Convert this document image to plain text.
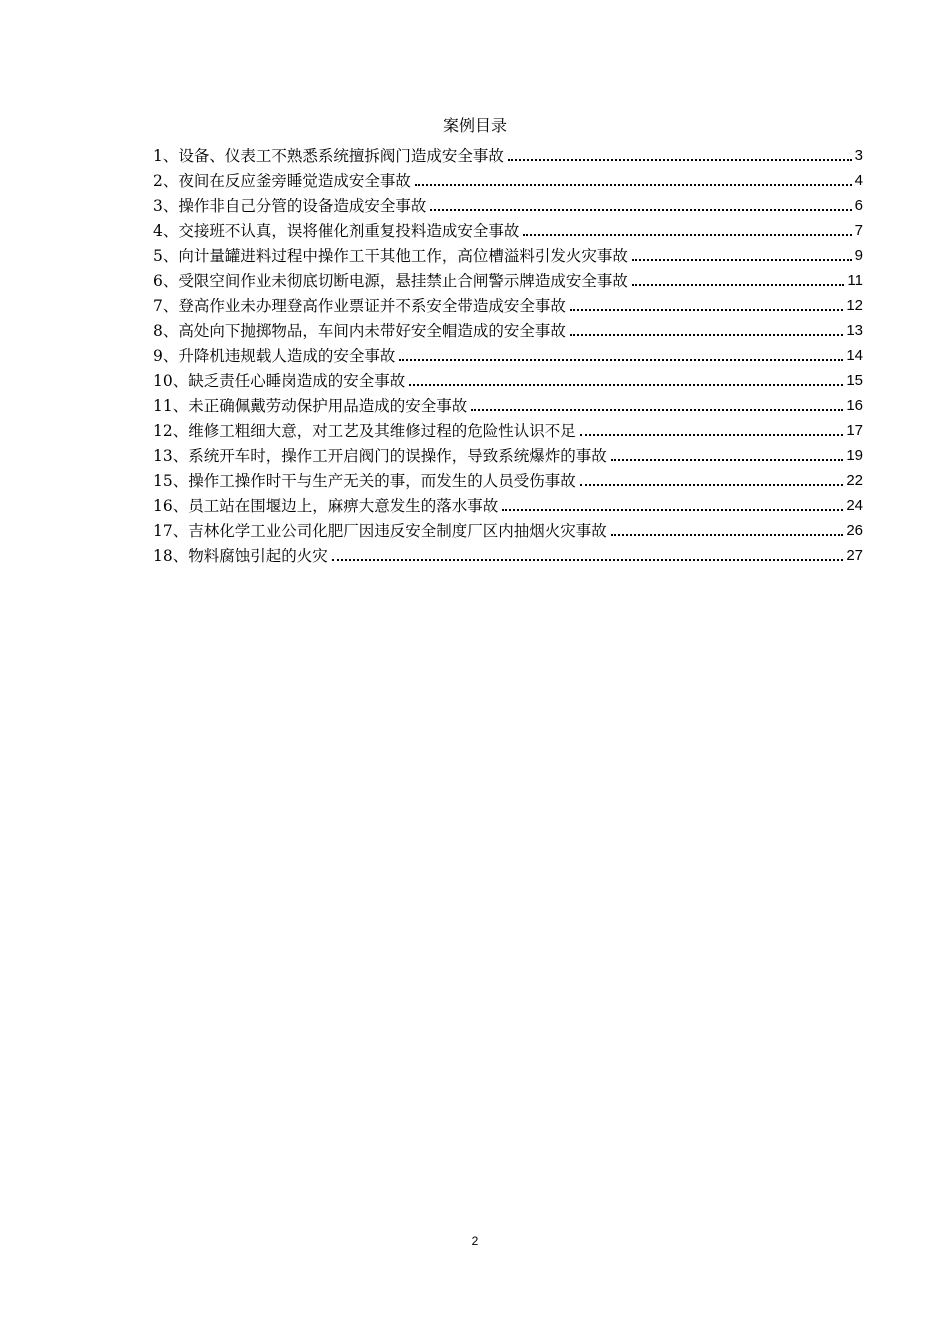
案例目录
1 、 设备、仪表工不熟悉系统擅拆阀门造成安全事故	3
2 、 夜间在反应釜旁睡觉造成安全事故	4
3 、 操作非自己分管的设备造成安全事故	6
4 、 交接班不认真，误将催化剂重复投料造成安全事故	7
5 、 向计量罐进料过程中操作工干其他工作，高位槽溢料引发火灾事故	9
6 、 受限空间作业未彻底切断电源，悬挂禁止合闸警示牌造成安全事故	11
7 、 登高作业未办理登高作业票证并不系安全带造成安全事故	12
8 、 高处向下抛掷物品，车间内未带好安全帽造成的安全事故	13
9 、 升降机违规载人造成的安全事故	14
10 、 缺乏责任心睡岗造成的安全事故	15
11 、 未正确佩戴劳动保护用品造成的安全事故	16
12 、 维修工粗细大意，对工艺及其维修过程的危险性认识不足	17
13 、 系统开车时，操作工开启阀门的误操作，导致系统爆炸的事故	19
15 、 操作工操作时干与生产无关的事，而发生的人员受伤事故	22
16 、 员工站在围堰边上，麻痹大意发生的落水事故	24
17 、 吉林化学工业公司化肥厂因违反安全制度厂区内抽烟火灾事故	26
18 、 物料腐蚀引起的火灾	27
2
